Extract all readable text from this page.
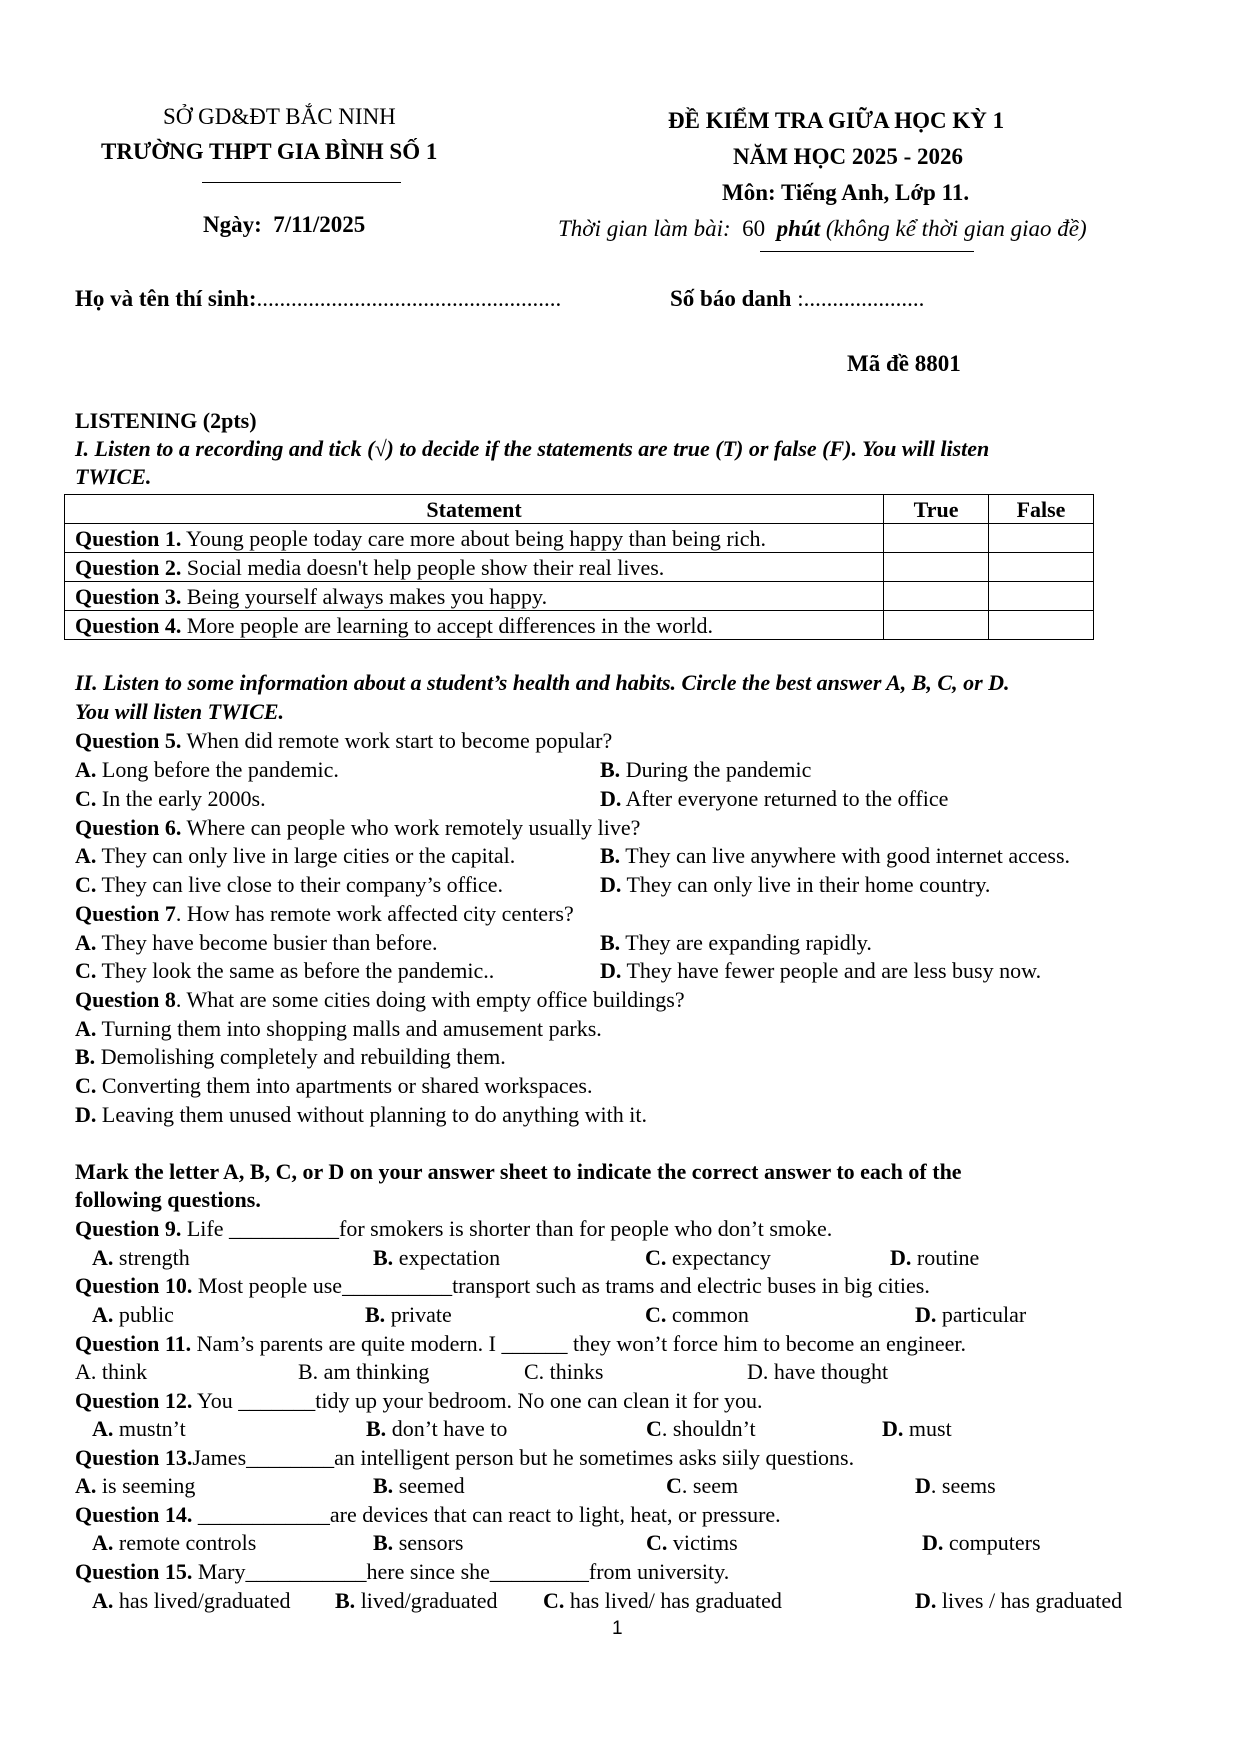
SỞ GD&ĐT BẮC NINH
TRƯỜNG THPT GIA BÌNH SỐ 1
Ngày: 7/11/2025
ĐỀ KIỂM TRA GIỮA HỌC KỲ 1
NĂM HỌC 2025 - 2026
Môn: Tiếng Anh, Lớp 11.
Thời gian làm bài: 60 phút (không kể thời gian giao đề)
Họ và tên thí sinh:.....................................................	Số báo danh :.....................
Mã đề 8801
LISTENING (2pts)
I. Listen to a recording and tick (√) to decide if the statements are true (T) or false (F). You will listen
TWICE.
Statement	True	False
Question 1. Young people today care more about being happy than being rich.		
Question 2. Social media doesn't help people show their real lives.		
Question 3. Being yourself always makes you happy.		
Question 4. More people are learning to accept differences in the world.		
II. Listen to some information about a student’s health and habits. Circle the best answer A, B, C, or D.
You will listen TWICE.
Question 5. When did remote work start to become popular?
A. Long before the pandemic.	B. During the pandemic
C. In the early 2000s.	D. After everyone returned to the office
Question 6. Where can people who work remotely usually live?
A. They can only live in large cities or the capital.	B. They can live anywhere with good internet access.
C. They can live close to their company’s office.	D. They can only live in their home country.
Question 7. How has remote work affected city centers?
A. They have become busier than before.	B. They are expanding rapidly.
C. They look the same as before the pandemic..	D. They have fewer people and are less busy now.
Question 8. What are some cities doing with empty office buildings?
A. Turning them into shopping malls and amusement parks.
B. Demolishing completely and rebuilding them.
C. Converting them into apartments or shared workspaces.
D. Leaving them unused without planning to do anything with it.
Mark the letter A, B, C, or D on your answer sheet to indicate the correct answer to each of the
following questions.
Question 9. Life __________for smokers is shorter than for people who don’t smoke.
A. strength	B. expectation	C. expectancy	D. routine
Question 10. Most people use__________transport such as trams and electric buses in big cities.
A. public	B. private	C. common	D. particular
Question 11. Nam’s parents are quite modern. I ______ they won’t force him to become an engineer.
A. think	B. am thinking	C. thinks	D. have thought
Question 12. You _______tidy up your bedroom. No one can clean it for you.
A. mustn’t	B. don’t have to	C. shouldn’t	D. must
Question 13.James________an intelligent person but he sometimes asks siily questions.
A. is seeming	B. seemed	C. seem	D. seems
Question 14. ____________are devices that can react to light, heat, or pressure.
A. remote controls	B. sensors	C. victims	D. computers
Question 15. Mary___________here since she_________from university.
A. has lived/graduated B. lived/graduated C. has lived/ has graduated	D. lives / has graduated
1
